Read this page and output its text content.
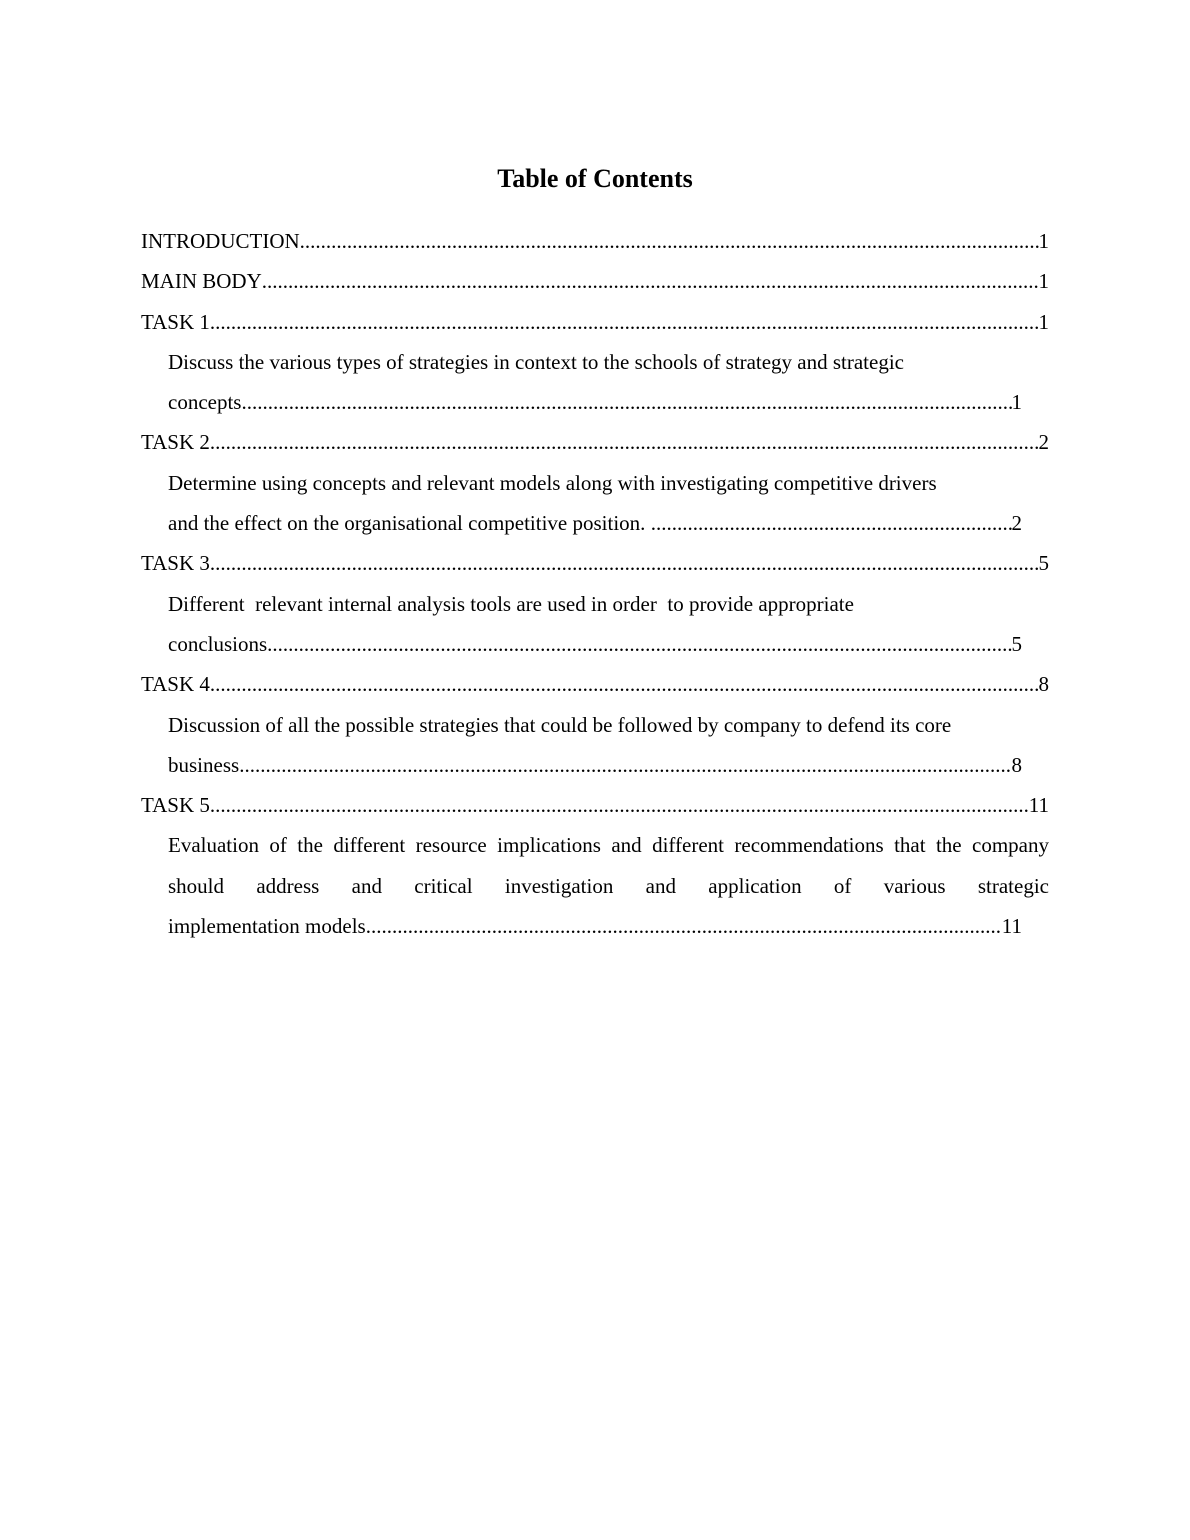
Table of Contents
INTRODUCTION .....	1
MAIN BODY .....	1
TASK 1 .....	1
Discuss the various types of strategies in context to the schools of strategy and strategic
concepts .....	1
TASK 2 .....	2
Determine using concepts and relevant models along with investigating competitive drivers
and the effect on the organisational competitive position. .....	2
TASK 3 .....	5
Different  relevant internal analysis tools are used in order  to provide appropriate
conclusions .....	5
TASK 4 .....	8
Discussion of all the possible strategies that could be followed by company to defend its core
business .....	8
TASK 5 .....	11
Evaluation of the different resource implications and different recommendations that the company should address and critical investigation and application of various strategic
implementation models .....	11
